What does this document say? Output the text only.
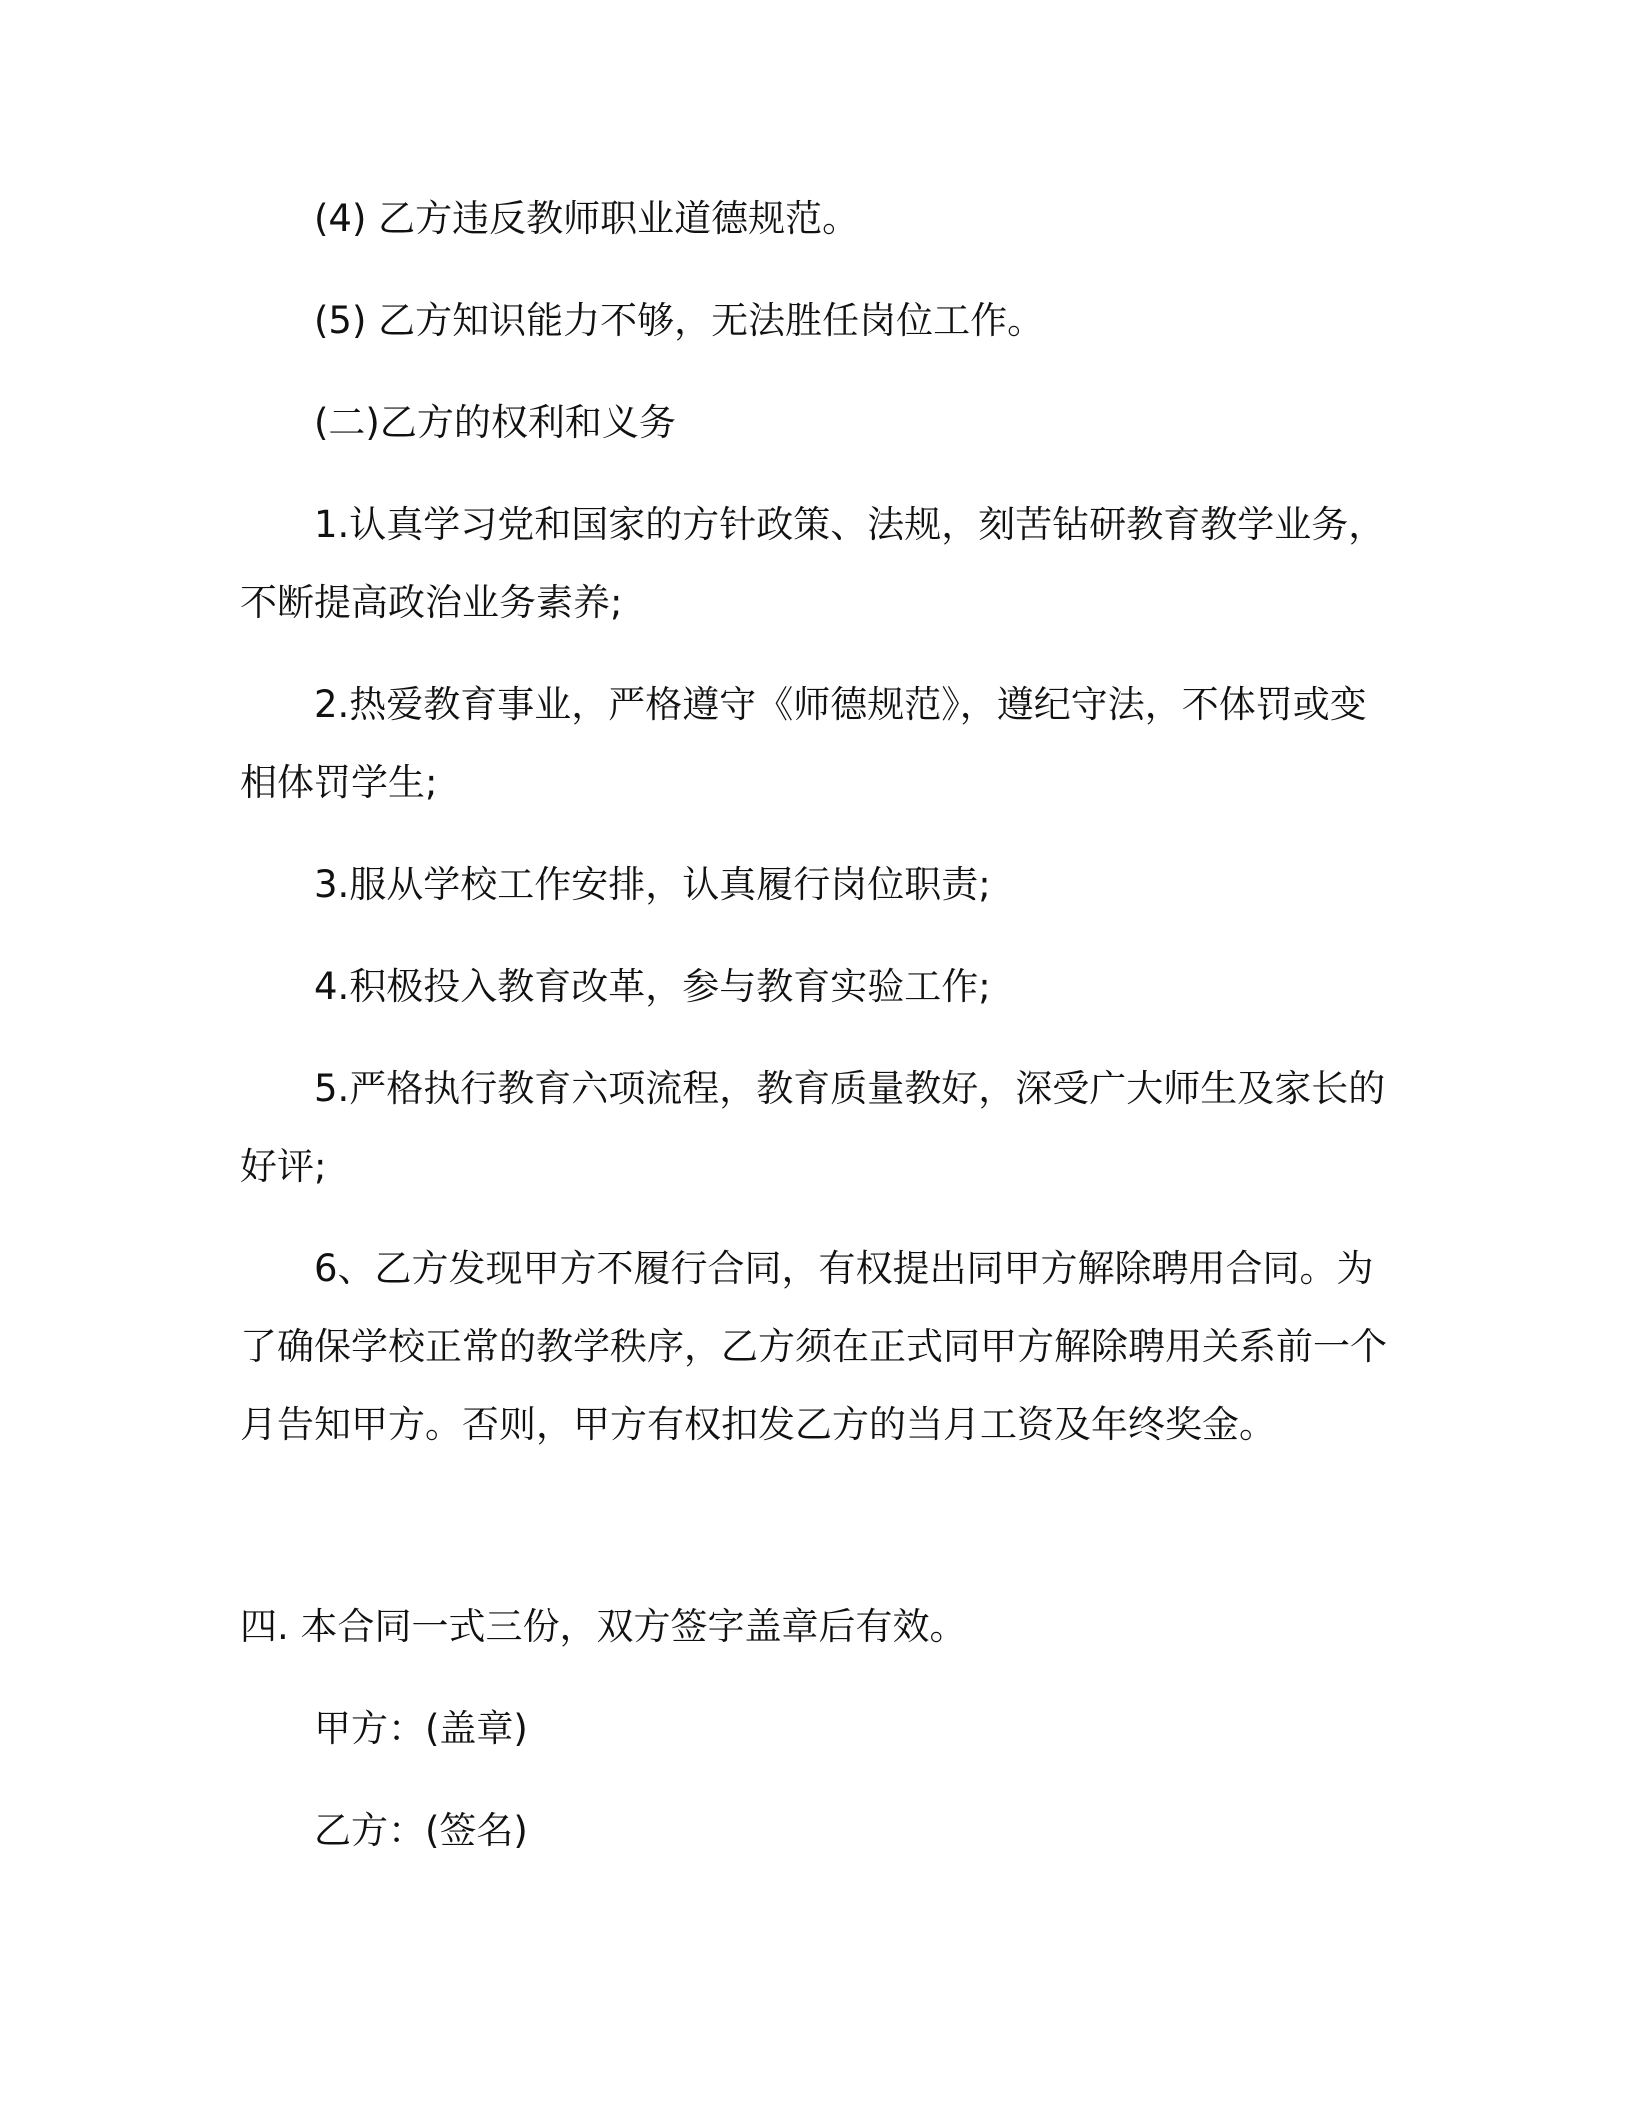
(4) 乙方违反教师职业道德规范。

(5) 乙方知识能力不够，无法胜任岗位工作。

(二)乙方的权利和义务

1.认真学习党和国家的方针政策、法规，刻苦钻研教育教学业务，不断提高政治业务素养;

2.热爱教育事业，严格遵守《师德规范》，遵纪守法，不体罚或变相体罚学生;

3.服从学校工作安排，认真履行岗位职责;

4.积极投入教育改革，参与教育实验工作;

5.严格执行教育六项流程，教育质量教好，深受广大师生及家长的好评;

6、乙方发现甲方不履行合同，有权提出同甲方解除聘用合同。为了确保学校正常的教学秩序，乙方须在正式同甲方解除聘用关系前一个月告知甲方。否则，甲方有权扣发乙方的当月工资及年终奖金。

四. 本合同一式三份，双方签字盖章后有效。

甲方：(盖章)

乙方：(签名)
